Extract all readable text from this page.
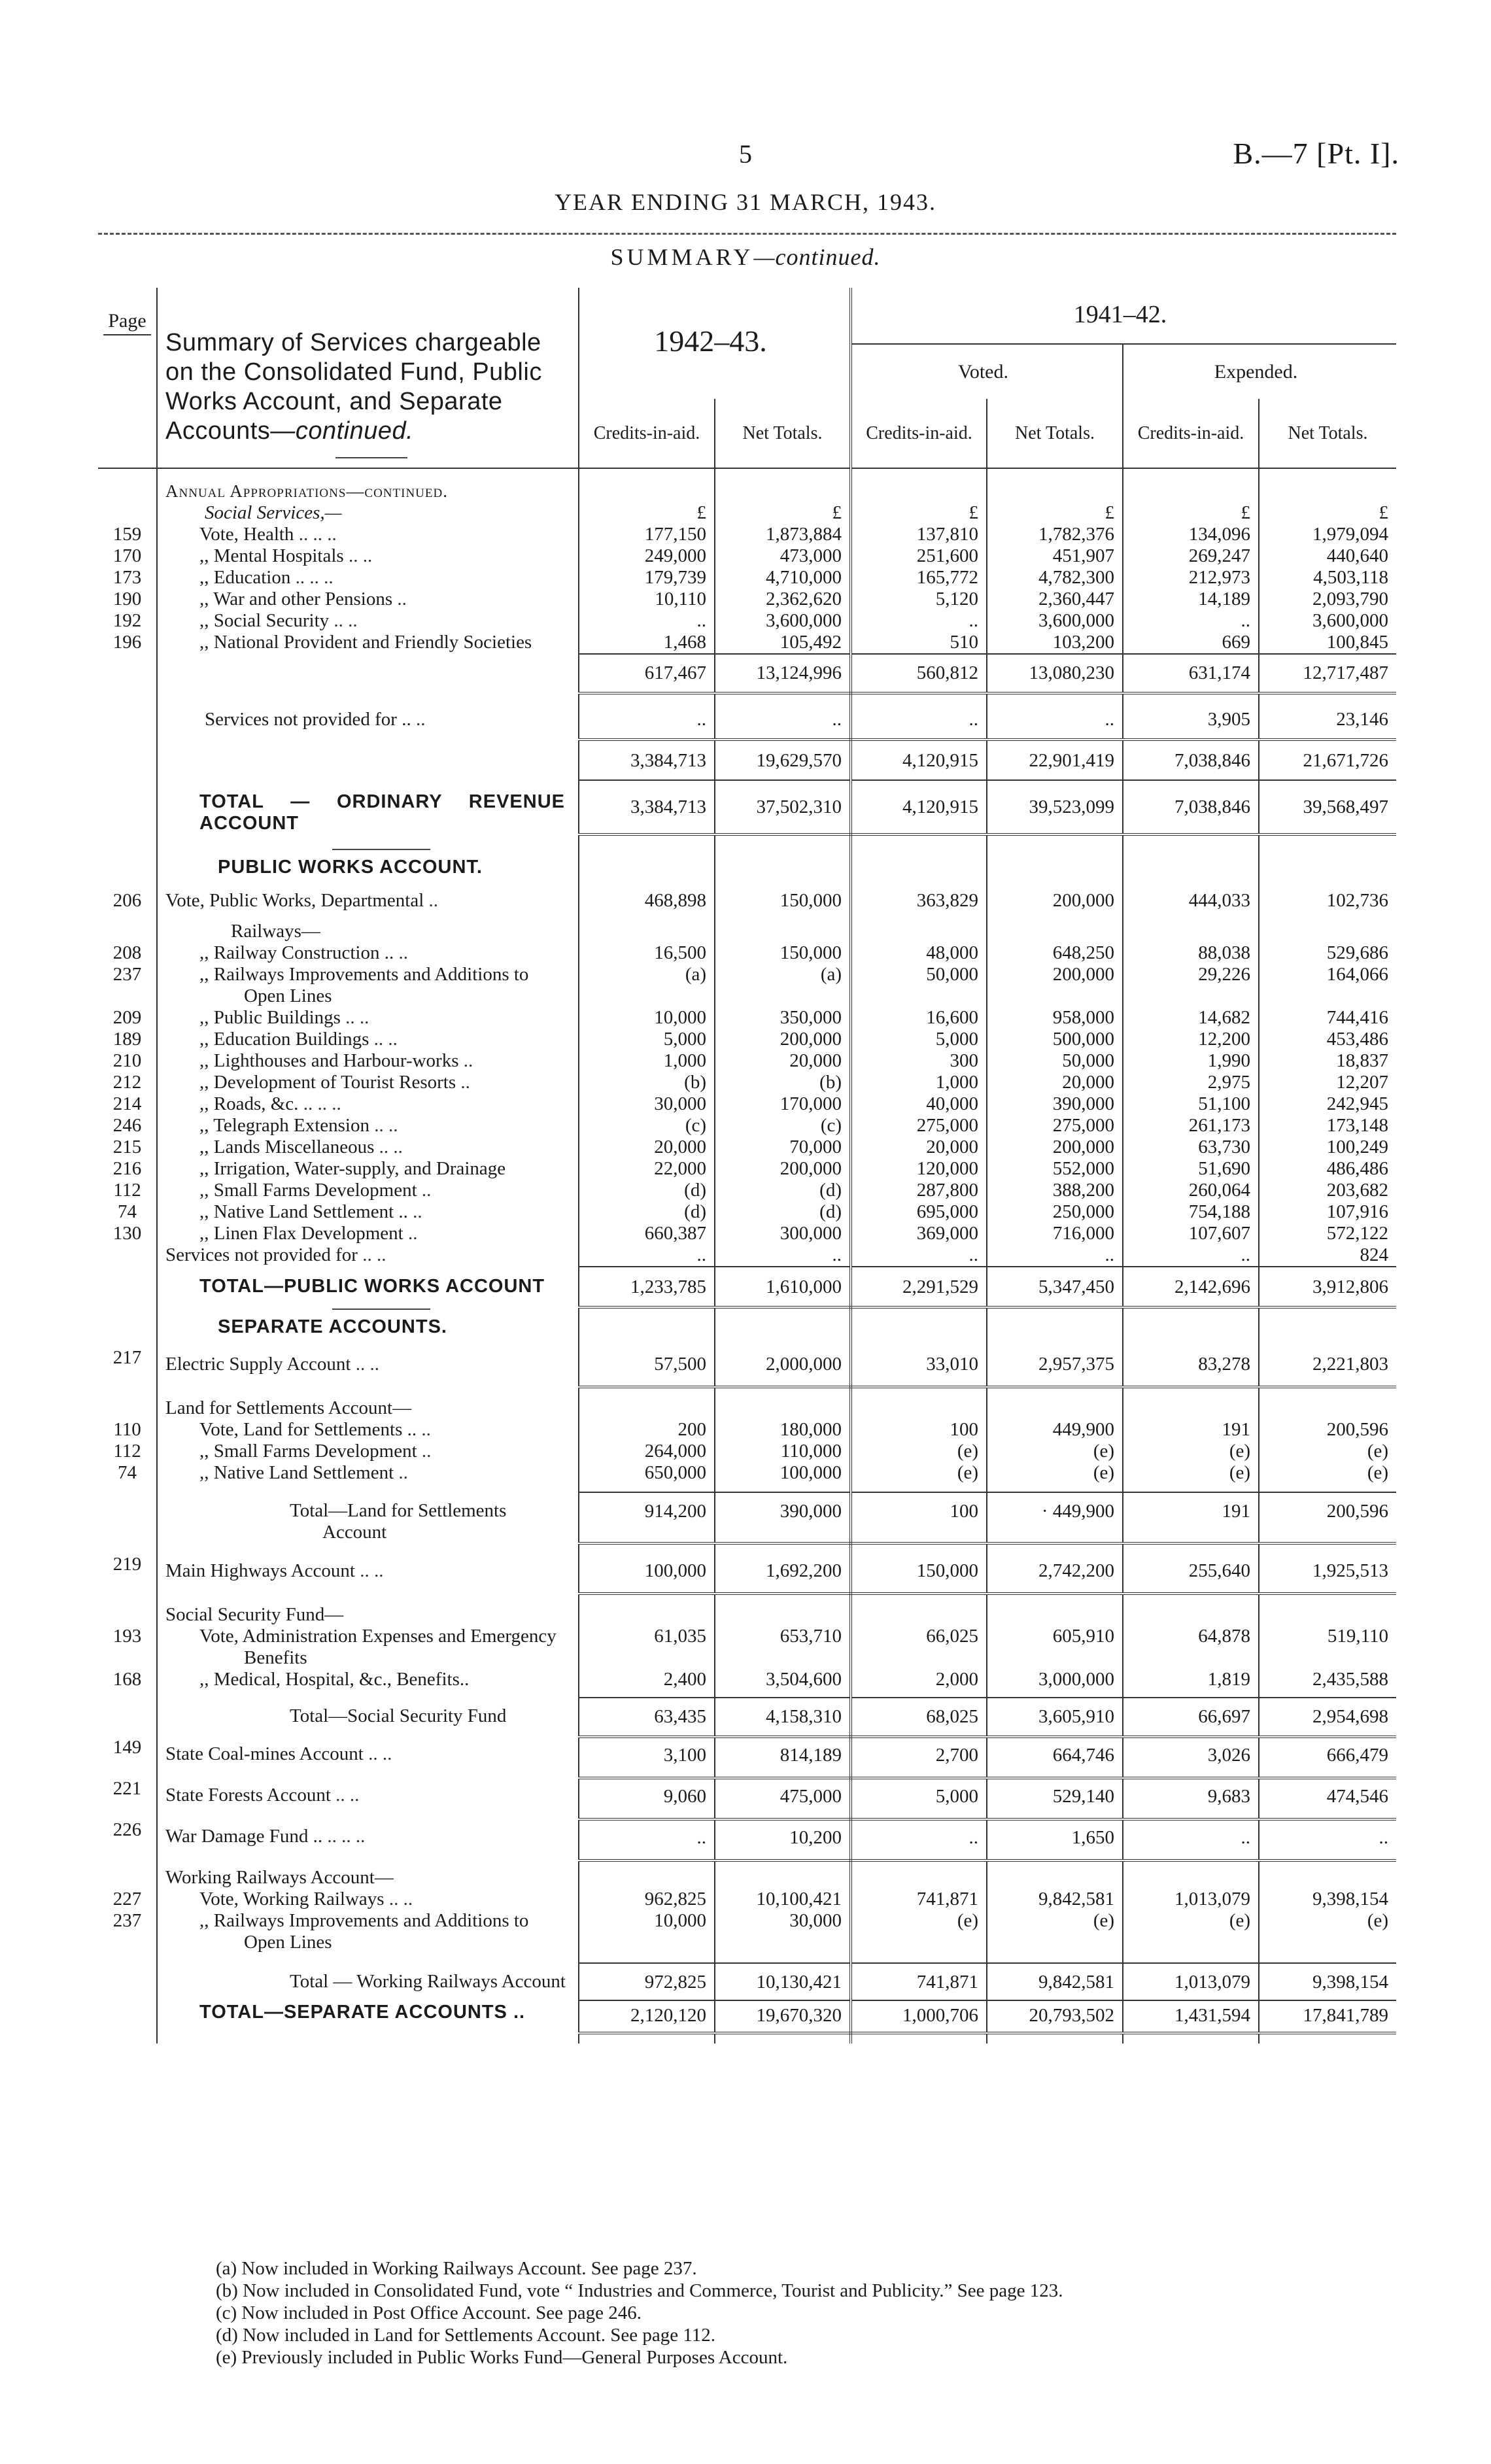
5	B.—7 [Pt. I].
YEAR ENDING 31 MARCH, 1943.
SUMMARY—continued.
Page	Summary of Services chargeable on the Consolidated Fund, Public Works Account, and Separate Accounts—continued.	1942–43.		1941–42.			
				Voted.		Expended.	
		Credits-in-aid.	Net Totals.	Credits-in-aid.	Net Totals.	Credits-in-aid.	Net Totals.
	Annual Appropriations—continued.						

	Social Services,—	£	£	£	£	£	£
159	Vote, Health .. .. ..	177,150	1,873,884	137,810	1,782,376	134,096	1,979,094
170	,, Mental Hospitals .. ..	249,000	473,000	251,600	451,907	269,247	440,640
173	,, Education .. .. ..	179,739	4,710,000	165,772	4,782,300	212,973	4,503,118
190	,, War and other Pensions ..	10,110	2,362,620	5,120	2,360,447	14,189	2,093,790
192	,, Social Security .. ..	..	3,600,000	..	3,600,000	..	3,600,000
196	,, National Provident and Friendly Societies	1,468	105,492	510	103,200	669	100,845
		617,467	13,124,996	560,812	13,080,230	631,174	12,717,487

	Services not provided for .. ..	..	..	..	..	3,905	23,146
		3,384,713	19,629,570	4,120,915	22,901,419	7,038,846	21,671,726

	TOTAL — ORDINARY REVENUE ACCOUNT	3,384,713	37,502,310	4,120,915	39,523,099	7,038,846	39,568,497

	PUBLIC WORKS ACCOUNT.						

206	Vote, Public Works, Departmental ..	468,898	150,000	363,829	200,000	444,033	102,736

	Railways—						

208	,, Railway Construction .. ..	16,500	150,000	48,000	648,250	88,038	529,686
237	,, Railways Improvements and Additions to Open Lines	(a)	(a)	50,000	200,000	29,226	164,066
209	,, Public Buildings .. ..	10,000	350,000	16,600	958,000	14,682	744,416
189	,, Education Buildings .. ..	5,000	200,000	5,000	500,000	12,200	453,486
210	,, Lighthouses and Harbour-works ..	1,000	20,000	300	50,000	1,990	18,837
212	,, Development of Tourist Resorts ..	(b)	(b)	1,000	20,000	2,975	12,207
214	,, Roads, &c. .. .. ..	30,000	170,000	40,000	390,000	51,100	242,945
246	,, Telegraph Extension .. ..	(c)	(c)	275,000	275,000	261,173	173,148
215	,, Lands Miscellaneous .. ..	20,000	70,000	20,000	200,000	63,730	100,249
216	,, Irrigation, Water-supply, and Drainage	22,000	200,000	120,000	552,000	51,690	486,486
112	,, Small Farms Development ..	(d)	(d)	287,800	388,200	260,064	203,682
74	,, Native Land Settlement .. ..	(d)	(d)	695,000	250,000	754,188	107,916
130	,, Linen Flax Development ..	660,387	300,000	369,000	716,000	107,607	572,122
	Services not provided for .. ..	..	..	..	..	..	824

	TOTAL—PUBLIC WORKS ACCOUNT	1,233,785	1,610,000	2,291,529	5,347,450	2,142,696	3,912,806

	SEPARATE ACCOUNTS.						

217	Electric Supply Account .. ..	57,500	2,000,000	33,010	2,957,375	83,278	2,221,803

	Land for Settlements Account—						
110	Vote, Land for Settlements .. ..	200	180,000	100	449,900	191	200,596
112	,, Small Farms Development ..	264,000	110,000	(e)	(e)	(e)	(e)
74	,, Native Land Settlement ..	650,000	100,000	(e)	(e)	(e)	(e)

	Total—Land for Settlements Account	914,200	390,000	100	· 449,900	191	200,596

219	Main Highways Account .. ..	100,000	1,692,200	150,000	2,742,200	255,640	1,925,513

	Social Security Fund—						
193	Vote, Administration Expenses and Emergency Benefits	61,035	653,710	66,025	605,910	64,878	519,110
168	,, Medical, Hospital, &c., Benefits..	2,400	3,504,600	2,000	3,000,000	1,819	2,435,588

	Total—Social Security Fund	63,435	4,158,310	68,025	3,605,910	66,697	2,954,698
149	State Coal-mines Account .. ..	3,100	814,189	2,700	664,746	3,026	666,479
221	State Forests Account .. ..	9,060	475,000	5,000	529,140	9,683	474,546
226	War Damage Fund .. .. .. ..	..	10,200	..	1,650	..	..

	Working Railways Account—						
227	Vote, Working Railways .. ..	962,825	10,100,421	741,871	9,842,581	1,013,079	9,398,154
237	,, Railways Improvements and Additions to Open Lines	10,000	30,000	(e)	(e)	(e)	(e)

	Total — Working Railways Account	972,825	10,130,421	741,871	9,842,581	1,013,079	9,398,154

	TOTAL—SEPARATE ACCOUNTS ..	2,120,120	19,670,320	1,000,706	20,793,502	1,431,594	17,841,789

(a) Now included in Working Railways Account. See page 237.
(b) Now included in Consolidated Fund, vote “ Industries and Commerce, Tourist and Publicity.” See page 123.
(c) Now included in Post Office Account. See page 246.
(d) Now included in Land for Settlements Account. See page 112.
(e) Previously included in Public Works Fund—General Purposes Account.
